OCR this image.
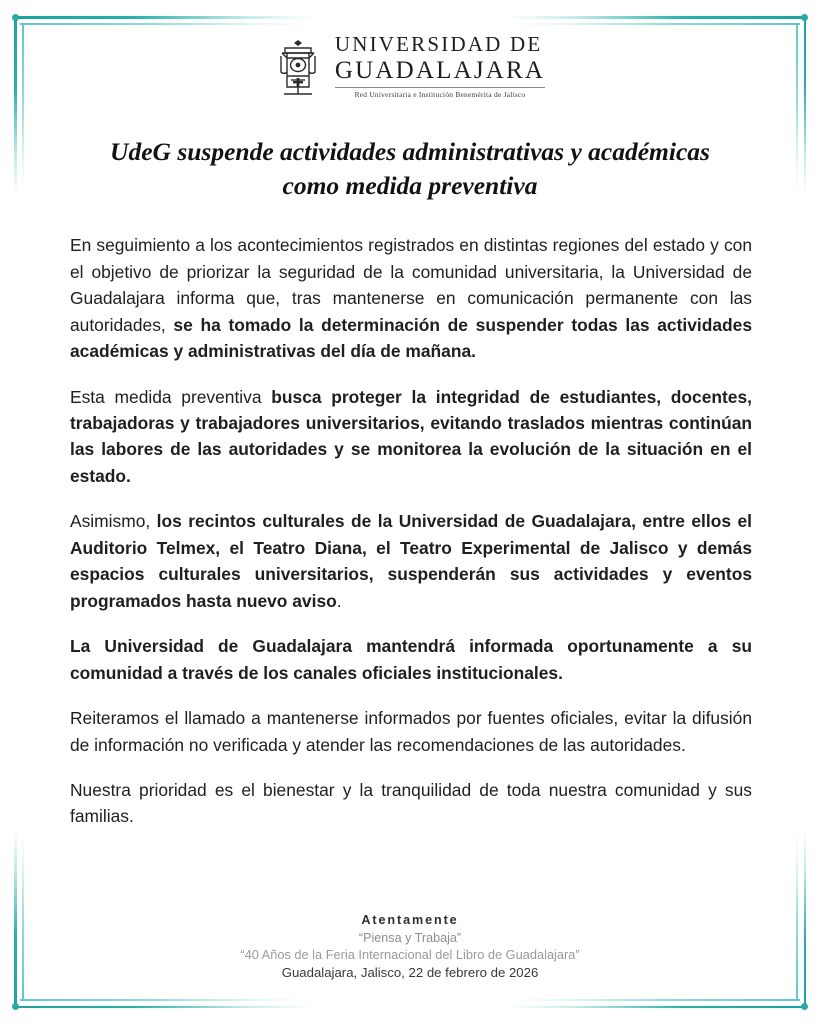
UNIVERSIDAD DE
GUADALAJARA
Red Universitaria e Institución Benemérita de Jalisco
UdeG suspende actividades administrativas y académicas como medida preventiva

En seguimiento a los acontecimientos registrados en distintas regiones del estado y con el objetivo de priorizar la seguridad de la comunidad universitaria, la Universidad de Guadalajara informa que, tras mantenerse en comunicación permanente con las autoridades, se ha tomado la determinación de suspender todas las actividades académicas y administrativas del día de mañana.

Esta medida preventiva busca proteger la integridad de estudiantes, docentes, trabajadoras y trabajadores universitarios, evitando traslados mientras continúan las labores de las autoridades y se monitorea la evolución de la situación en el estado.

Asimismo, los recintos culturales de la Universidad de Guadalajara, entre ellos el Auditorio Telmex, el Teatro Diana, el Teatro Experimental de Jalisco y demás espacios culturales universitarios, suspenderán sus actividades y eventos programados hasta nuevo aviso.

La Universidad de Guadalajara mantendrá informada oportunamente a su comunidad a través de los canales oficiales institucionales.

Reiteramos el llamado a mantenerse informados por fuentes oficiales, evitar la difusión de información no verificada y atender las recomendaciones de las autoridades.

Nuestra prioridad es el bienestar y la tranquilidad de toda nuestra comunidad y sus familias.

Atentamente
“Piensa y Trabaja”
“40 Años de la Feria Internacional del Libro de Guadalajara”
Guadalajara, Jalisco, 22 de febrero de 2026
